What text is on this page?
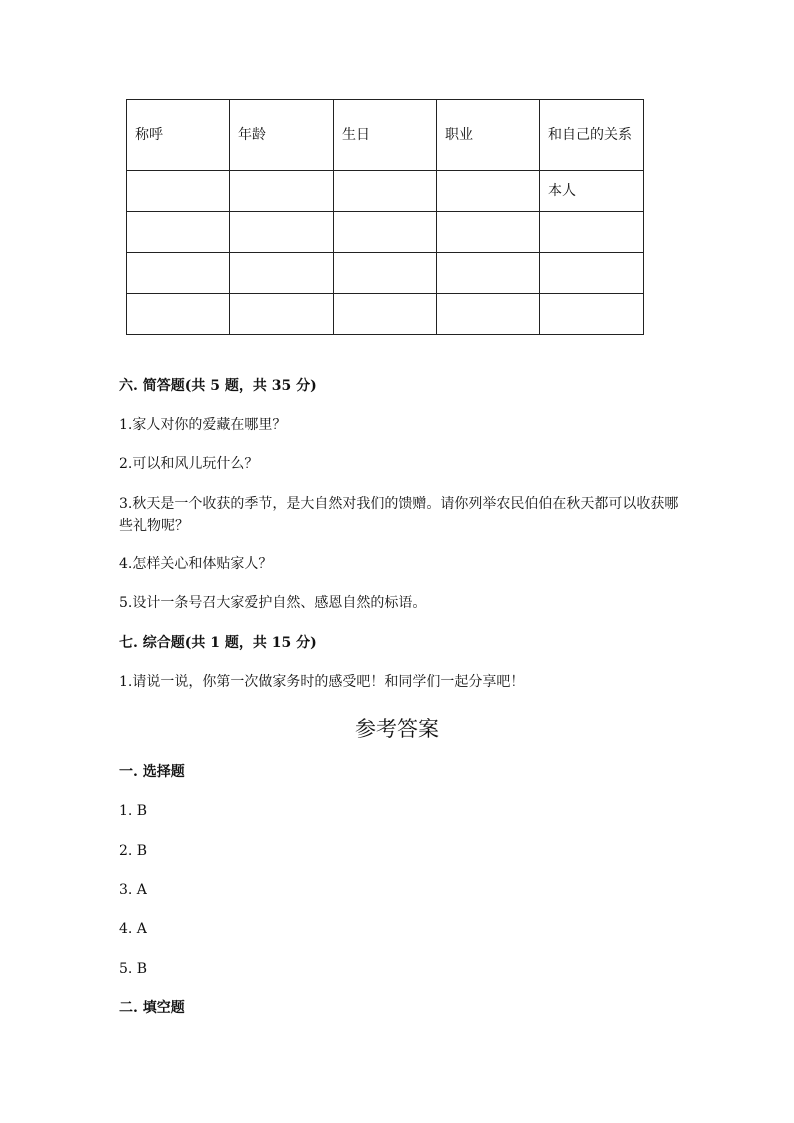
称呼	年龄	生日	职业	和自己的关系
				本人

六. 简答题(共 5 题，共 35 分)
1.家人对你的爱藏在哪里？
2.可以和风儿玩什么？
3.秋天是一个收获的季节，是大自然对我们的馈赠。请你列举农民伯伯在秋天都可以收获哪些礼物呢？
4.怎样关心和体贴家人？
5.设计一条号召大家爱护自然、感恩自然的标语。
七. 综合题(共 1 题，共 15 分)
1.请说一说，你第一次做家务时的感受吧！和同学们一起分享吧！
参考答案
一. 选择题
1. B
2. B
3. A
4. A
5. B
二. 填空题
